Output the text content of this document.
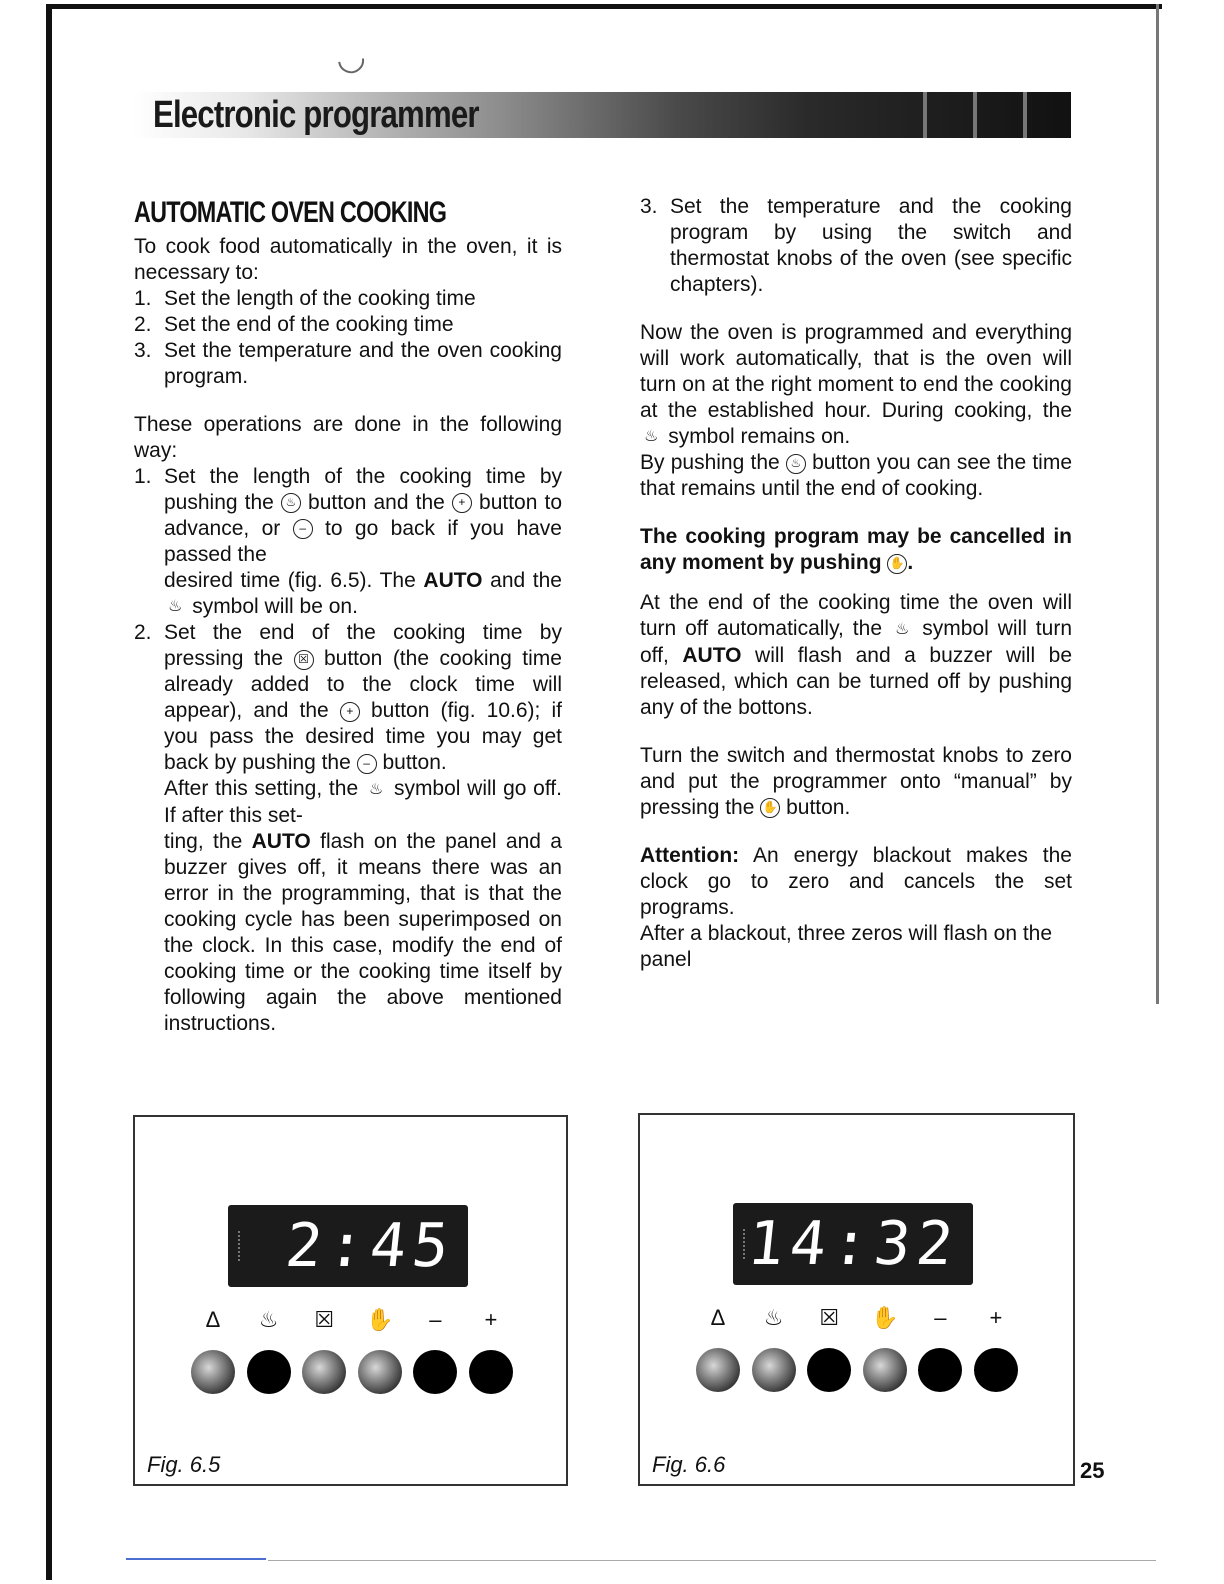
◡
Electronic programmer

AUTOMATIC OVEN COOKING

To cook food automatically in the oven, it is necessary to:

1. Set the length of the cooking time
2. Set the end of the cooking time
3. Set the temperature and the oven cooking program.

These operations are done in the following way:

1. Set the length of the cooking time by pushing the ♨ button and the + button to advance, or – to go back if you have passed the
desired time (fig. 6.5). The AUTO and the ♨ symbol will be on.
2. Set the end of the cooking time by pressing the ☒ button (the cooking time already added to the clock time will appear), and the + button (fig. 10.6); if you pass the desired time you may get back by pushing the – button.
After this setting, the ♨ symbol will go off. If after this set-
ting, the AUTO flash on the panel and a buzzer gives off, it means there was an error in the programming, that is that the cooking cycle has been superimposed on the clock. In this case, modify the end of cooking time or the cooking time itself by following again the above mentioned instructions.
3. Set the temperature and the cooking program by using the switch and thermostat knobs of the oven (see specific chapters).

Now the oven is programmed and everything will work automatically, that is the oven will turn on at the right moment to end the cooking at the established hour. During cooking, the ♨ symbol remains on.

By pushing the ♨ button you can see the time that remains until the end of cooking.

The cooking program may be cancelled in any moment by pushing ✋ .

At the end of the cooking time the oven will turn off automatically, the ♨ symbol will turn off, AUTO will flash and a buzzer will be released, which can be turned off by pushing any of the bottons.

Turn the switch and thermostat knobs to zero and put the programmer onto “manual” by pressing the ✋ button.

Attention: An energy blackout makes the clock go to zero and cancels the set programs.

After a blackout, three zeros will flash on the panel

2:45
Δ	♨	☒	✋	–	+
Fig. 6.5
14:32
Δ	♨	☒	✋	–	+
Fig. 6.6	25
